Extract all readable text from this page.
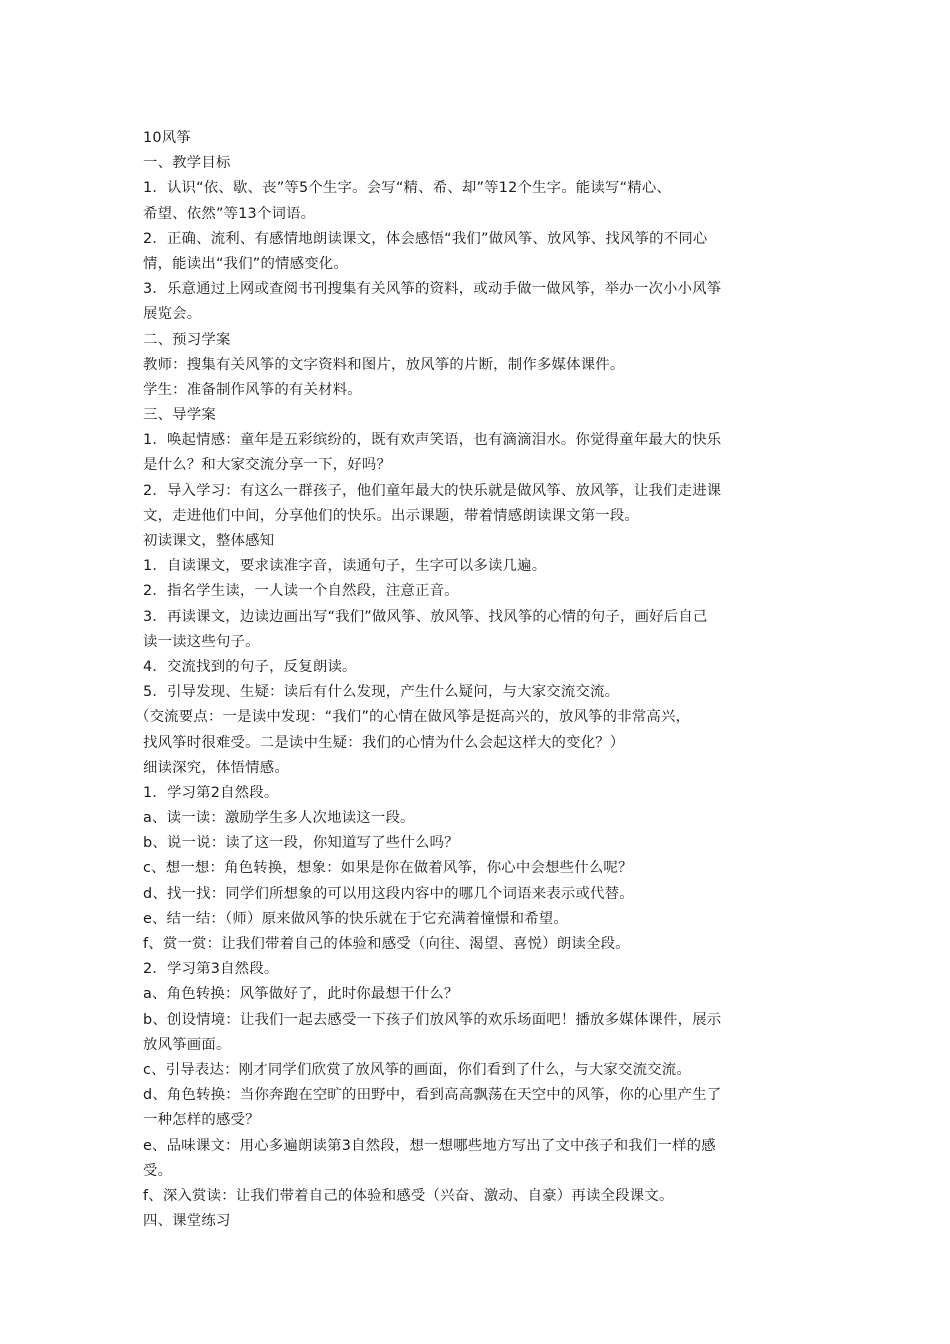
10风筝
一、教学目标
1．认识“依、歇、丧”等5个生字。会写“精、希、却”等12个生字。能读写“精心、
希望、依然”等13个词语。
2．正确、流利、有感情地朗读课文，体会感悟“我们”做风筝、放风筝、找风筝的不同心
情，能读出“我们”的情感变化。
3．乐意通过上网或查阅书刊搜集有关风筝的资料，或动手做一做风筝，举办一次小小风筝
展览会。
二、预习学案
教师：搜集有关风筝的文字资料和图片，放风筝的片断，制作多媒体课件。
学生：准备制作风筝的有关材料。
三、导学案
1．唤起情感：童年是五彩缤纷的，既有欢声笑语，也有滴滴泪水。你觉得童年最大的快乐
是什么？和大家交流分享一下，好吗？
2．导入学习：有这么一群孩子，他们童年最大的快乐就是做风筝、放风筝，让我们走进课
文，走进他们中间，分享他们的快乐。出示课题，带着情感朗读课文第一段。
初读课文，整体感知
1．自读课文，要求读准字音，读通句子，生字可以多读几遍。
2．指名学生读，一人读一个自然段，注意正音。
3．再读课文，边读边画出写“我们”做风筝、放风筝、找风筝的心情的句子，画好后自己
读一读这些句子。
4．交流找到的句子，反复朗读。
5．引导发现、生疑：读后有什么发现，产生什么疑问，与大家交流交流。
（交流要点：一是读中发现：“我们”的心情在做风筝是挺高兴的，放风筝的非常高兴，
找风筝时很难受。二是读中生疑：我们的心情为什么会起这样大的变化？）
细读深究，体悟情感。
1．学习第2自然段。
a、读一读：激励学生多人次地读这一段。
b、说一说：读了这一段，你知道写了些什么吗？
c、想一想：角色转换，想象：如果是你在做着风筝，你心中会想些什么呢？
d、找一找：同学们所想象的可以用这段内容中的哪几个词语来表示或代替。
e、结一结：（师）原来做风筝的快乐就在于它充满着憧憬和希望。
f、赏一赏：让我们带着自己的体验和感受（向往、渴望、喜悦）朗读全段。
2．学习第3自然段。
a、角色转换：风筝做好了，此时你最想干什么？
b、创设情境：让我们一起去感受一下孩子们放风筝的欢乐场面吧！播放多媒体课件，展示
放风筝画面。
c、引导表达：刚才同学们欣赏了放风筝的画面，你们看到了什么，与大家交流交流。
d、角色转换：当你奔跑在空旷的田野中，看到高高飘荡在天空中的风筝，你的心里产生了
一种怎样的感受？
e、品味课文：用心多遍朗读第3自然段，想一想哪些地方写出了文中孩子和我们一样的感
受。
f、深入赏读：让我们带着自己的体验和感受（兴奋、激动、自豪）再读全段课文。
四、课堂练习
